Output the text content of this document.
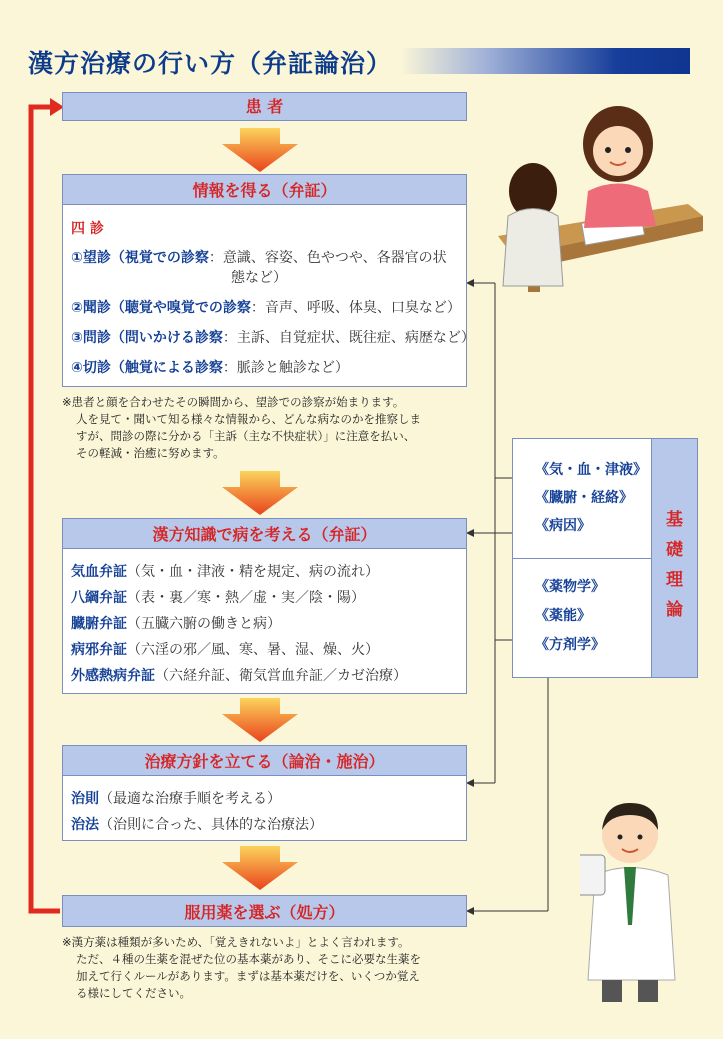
漢方治療の行い方（弁証論治）
患 者
情報を得る（弁証）
四 診
①望診（視覚での診察：意識、容姿、色やつや、各器官の状
態など）
②聞診（聴覚や嗅覚での診察：音声、呼吸、体臭、口臭など）
③問診（問いかける診察：主訴、自覚症状、既往症、病歴など）
④切診（触覚による診察：脈診と触診など）
※患者と顔を合わせたその瞬間から、望診での診察が始まります。
人を見て・聞いて知る様々な情報から、どんな病なのかを推察しま
すが、問診の際に分かる「主訴（主な不快症状）」に注意を払い、
その軽減・治癒に努めます。
漢方知識で病を考える（弁証）
気血弁証（気・血・津液・精を規定、病の流れ）
八綱弁証（表・裏／寒・熱／虚・実／陰・陽）
臓腑弁証（五臓六腑の働きと病）
病邪弁証（六淫の邪／風、寒、暑、湿、燥、火）
外感熱病弁証（六経弁証、衛気営血弁証／カゼ治療）
治療方針を立てる（論治・施治）
治則（最適な治療手順を考える）
治法（治則に合った、具体的な治療法）
服用薬を選ぶ（処方）
※漢方薬は種類が多いため、「覚えきれないよ」とよく言われます。
ただ、４種の生薬を混ぜた位の基本薬があり、そこに必要な生薬を
加えて行くルールがあります。まずは基本薬だけを、いくつか覚え
る様にしてください。
《気・血・津液》
《臓腑・経絡》
《病因》
《薬物学》
《薬能》
《方剤学》
基
礎
理
論
